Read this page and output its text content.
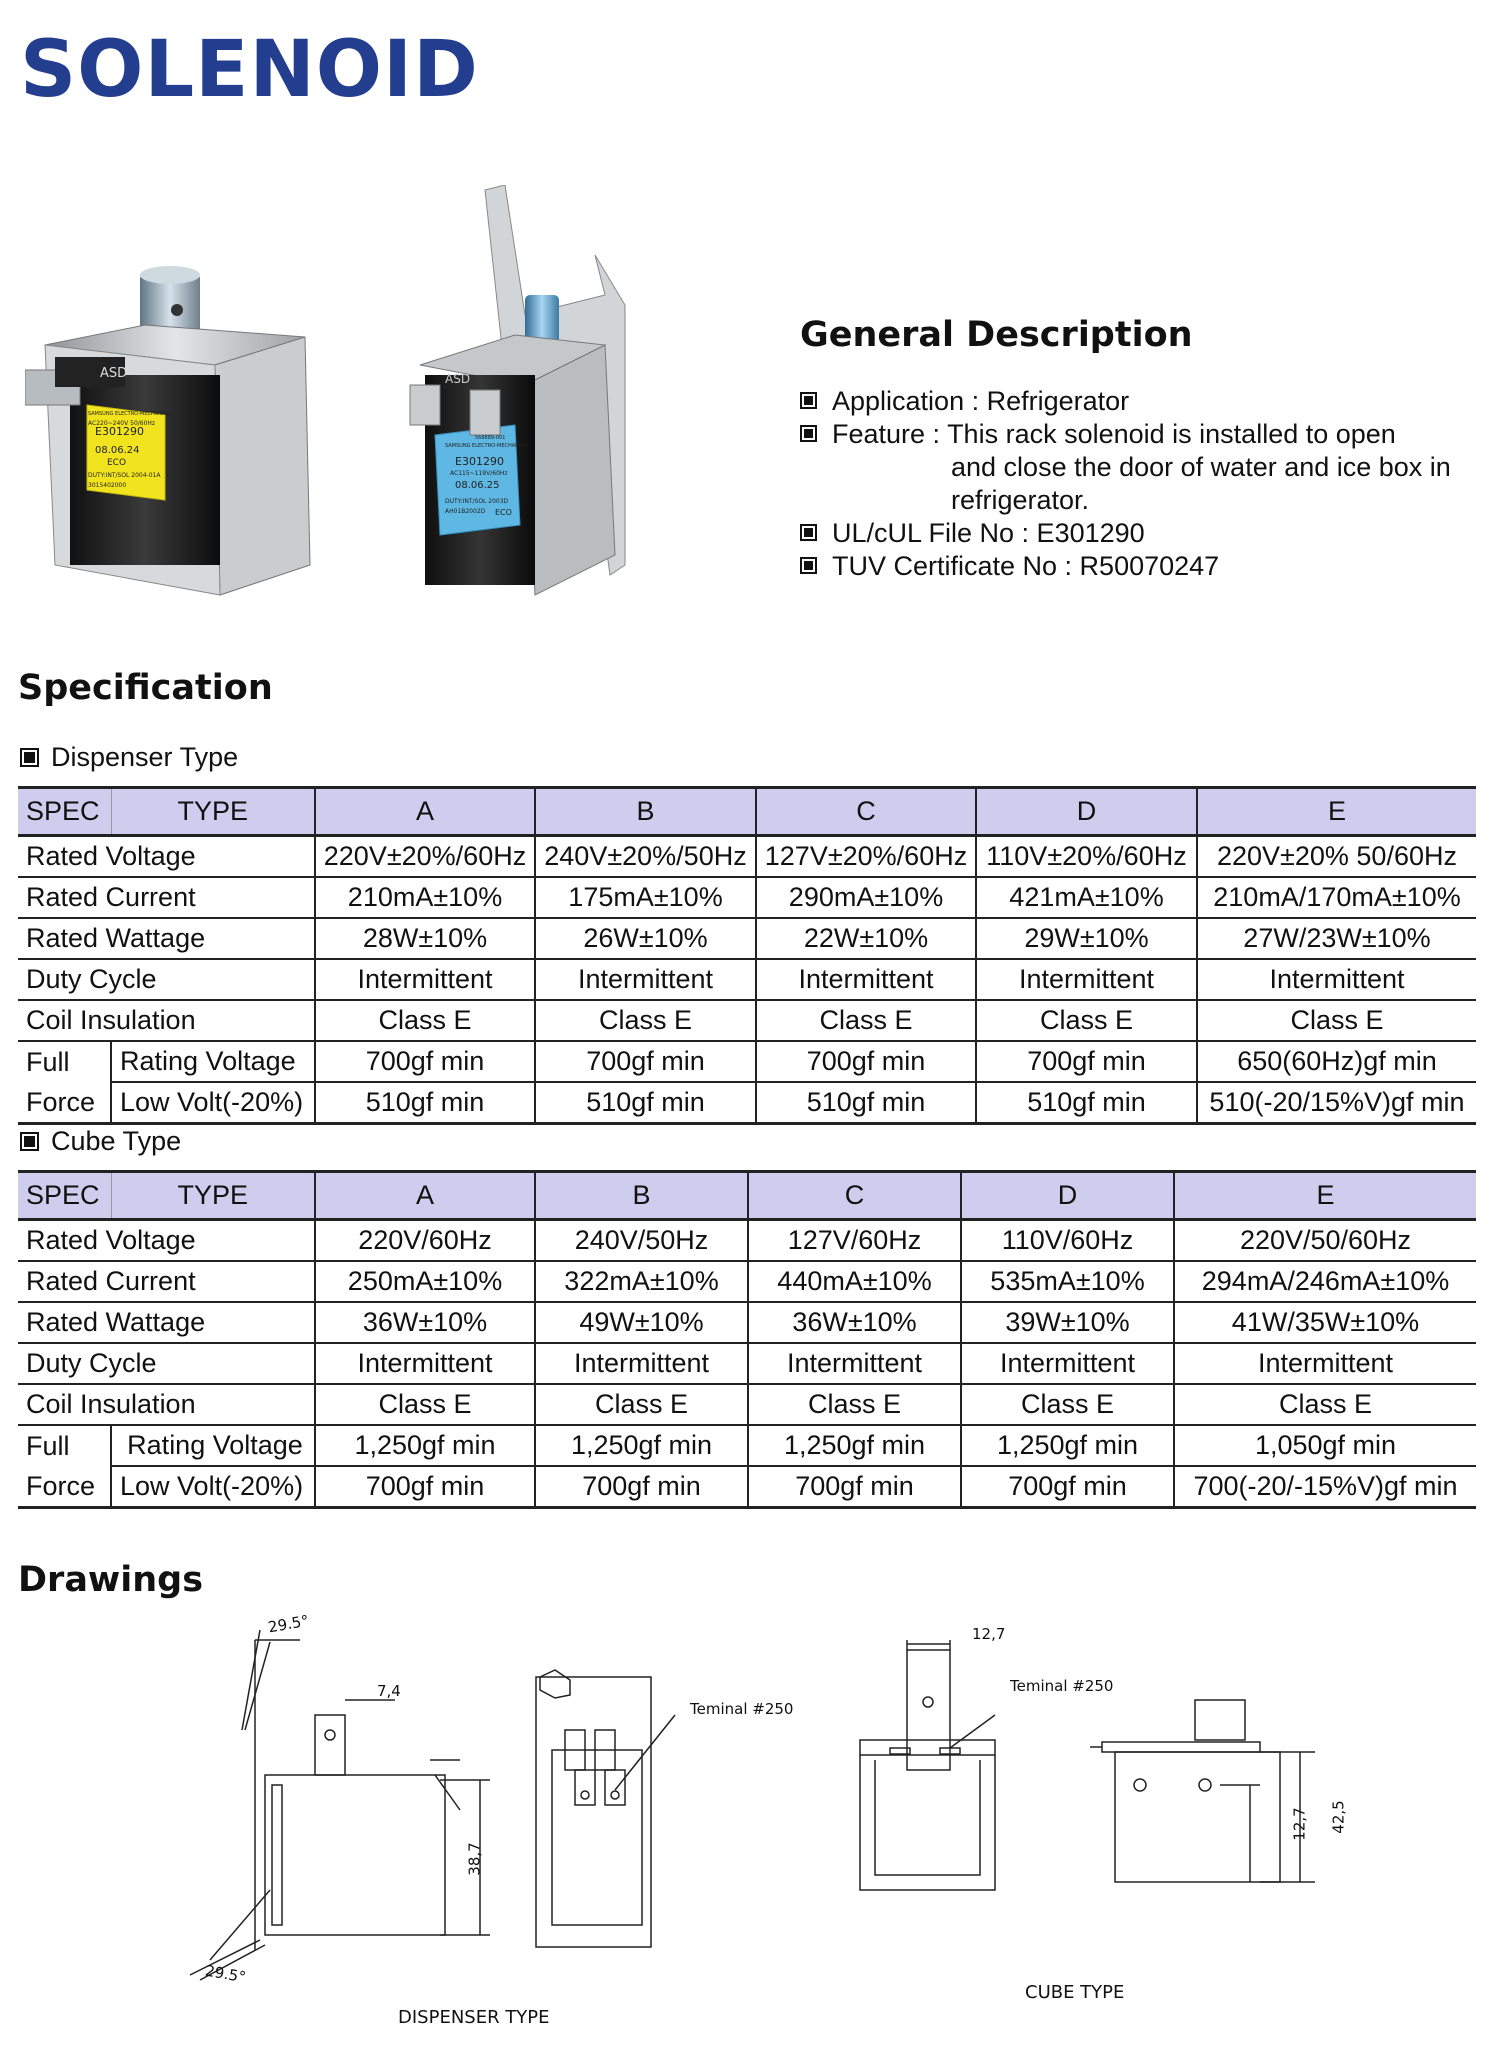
SOLENOID
E301290
08.06.24
ECO
AC220~240V 50/60Hz
SAMSUNG ELECTRO-MECHANICS
DUTY:INT/SOL 2004-01A
3015402000
ASD
E301290
08.06.25
ECO
AC115~119V/60Hz
SAMSUNG ELECTRO-MECHANICS
568889-001
DUTY:INT/SOL 2003D
AH01B2002D
ASD
General Description
Application : Refrigerator
Feature : This rack solenoid is installed to open
and close the door of water and ice box in
refrigerator.
UL/cUL File No : E301290
TUV Certificate No : R50070247
Specification
Dispenser Type
SPEC	TYPE	A	B	C	D	E
Rated Voltage		220V±20%/60Hz	240V±20%/50Hz	127V±20%/60Hz	110V±20%/60Hz	220V±20% 50/60Hz
Rated Current		210mA±10%	175mA±10%	290mA±10%	421mA±10%	210mA/170mA±10%
Rated Wattage		28W±10%	26W±10%	22W±10%	29W±10%	27W/23W±10%
Duty Cycle		Intermittent	Intermittent	Intermittent	Intermittent	Intermittent
Coil Insulation		Class E	Class E	Class E	Class E	Class E
Full	Rating Voltage	700gf min	700gf min	700gf min	700gf min	650(60Hz)gf min
Force	Low Volt(-20%)	510gf min	510gf min	510gf min	510gf min	510(-20/15%V)gf min
Cube Type
SPEC	TYPE	A	B	C	D	E
Rated Voltage		220V/60Hz	240V/50Hz	127V/60Hz	110V/60Hz	220V/50/60Hz
Rated Current		250mA±10%	322mA±10%	440mA±10%	535mA±10%	294mA/246mA±10%
Rated Wattage		36W±10%	49W±10%	36W±10%	39W±10%	41W/35W±10%
Duty Cycle		Intermittent	Intermittent	Intermittent	Intermittent	Intermittent
Coil Insulation		Class E	Class E	Class E	Class E	Class E
Full	Rating Voltage	1,250gf min	1,250gf min	1,250gf min	1,250gf min	1,050gf min
Force	Low Volt(-20%)	700gf min	700gf min	700gf min	700gf min	700(-20/-15%V)gf min
Drawings
29.5°
7,4
38,7
29.5°
Teminal #250
DISPENSER TYPE
12,7
Teminal #250
12,7 42,5
CUBE TYPE
